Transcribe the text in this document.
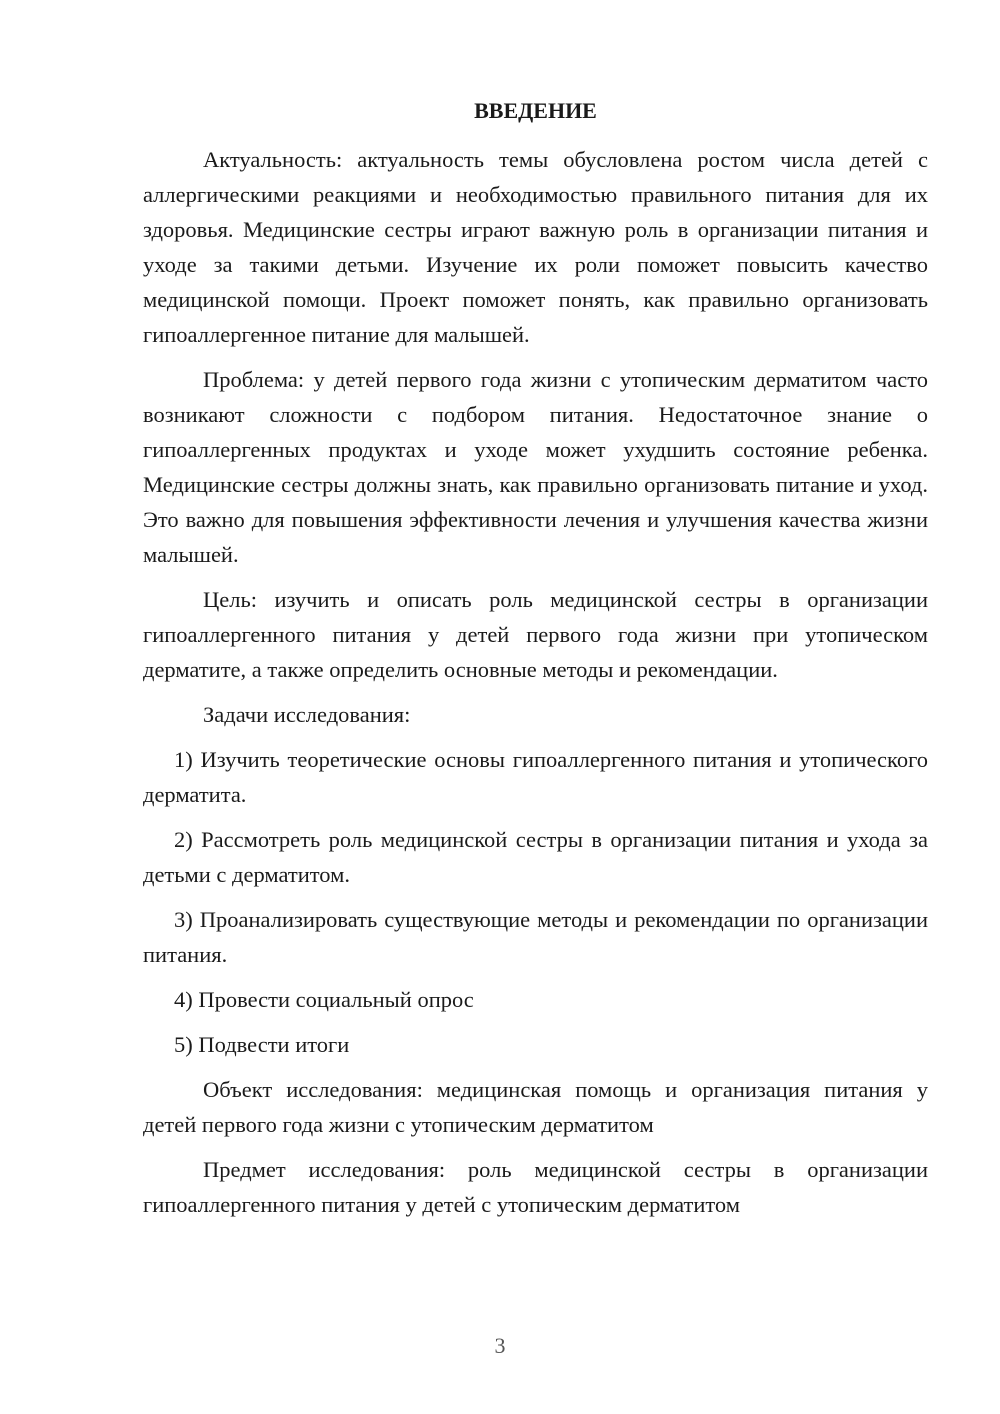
ВВЕДЕНИЕ

Актуальность: актуальность темы обусловлена ростом числа детей с аллергическими реакциями и необходимостью правильного питания для их здоровья. Медицинские сестры играют важную роль в организации питания и уходе за такими детьми. Изучение их роли поможет повысить качество медицинской помощи. Проект поможет понять, как правильно организовать гипоаллергенное питание для малышей.

Проблема: у детей первого года жизни с утопическим дерматитом часто возникают сложности с подбором питания. Недостаточное знание о гипоаллергенных продуктах и уходе может ухудшить состояние ребенка. Медицинские сестры должны знать, как правильно организовать питание и уход. Это важно для повышения эффективности лечения и улучшения качества жизни малышей.

Цель: изучить и описать роль медицинской сестры в организации гипоаллергенного питания у детей первого года жизни при утопическом дерматите, а также определить основные методы и рекомендации.

Задачи исследования:

1) Изучить теоретические основы гипоаллергенного питания и утопического дерматита.

2) Рассмотреть роль медицинской сестры в организации питания и ухода за детьми с дерматитом.

3) Проанализировать существующие методы и рекомендации по организации питания.

4) Провести социальный опрос

5) Подвести итоги

Объект исследования: медицинская помощь и организация питания у детей первого года жизни с утопическим дерматитом

Предмет исследования: роль медицинской сестры в организации гипоаллергенного питания у детей с утопическим дерматитом

3
